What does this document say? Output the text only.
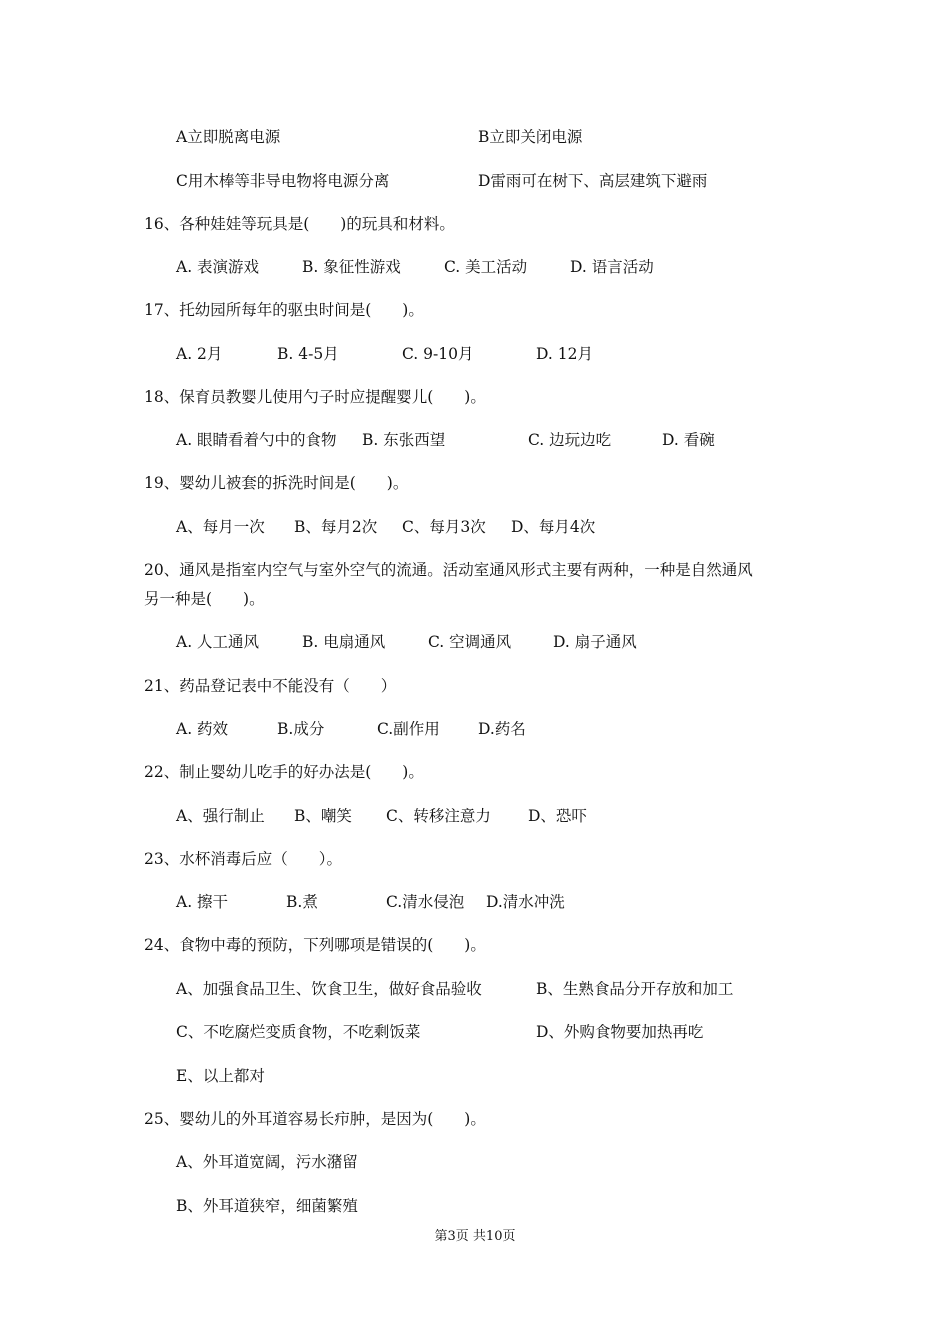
A立即脱离电源	B立即关闭电源
C用木棒等非导电物将电源分离	D雷雨可在树下、高层建筑下避雨
16、各种娃娃等玩具是(　　)的玩具和材料。
A. 表演游戏	B. 象征性游戏	C. 美工活动	D. 语言活动
17、托幼园所每年的驱虫时间是(　　)。
A. 2月	B. 4-5月	C. 9-10月	D. 12月
18、保育员教婴儿使用勺子时应提醒婴儿(　　)。
A. 眼睛看着勺中的食物 B. 东张西望	C. 边玩边吃	D. 看碗
19、婴幼儿被套的拆洗时间是(　　)。
A、每月一次 B、每月2次 C、每月3次 D、每月4次
20、通风是指室内空气与室外空气的流通。活动室通风形式主要有两种，一种是自然通风
另一种是(　　)。
A. 人工通风	B. 电扇通风	C. 空调通风	D. 扇子通风
21、药品登记表中不能没有（　　）
A. 药效	B.成分	C.副作用 D.药名
22、制止婴幼儿吃手的好办法是(　　)。
A、强行制止 B、嘲笑 C、转移注意力 D、恐吓
23、水杯消毒后应（　　）。
A. 擦干	B.煮	C.清水侵泡 D.清水冲洗
24、食物中毒的预防，下列哪项是错误的(　　)。
A、加强食品卫生、饮食卫生，做好食品验收	B、生熟食品分开存放和加工
C、不吃腐烂变质食物，不吃剩饭菜	D、外购食物要加热再吃
E、以上都对
25、婴幼儿的外耳道容易长疖肿，是因为(　　)。
A、外耳道宽阔，污水潴留
B、外耳道狭窄，细菌繁殖
第3页 共10页
